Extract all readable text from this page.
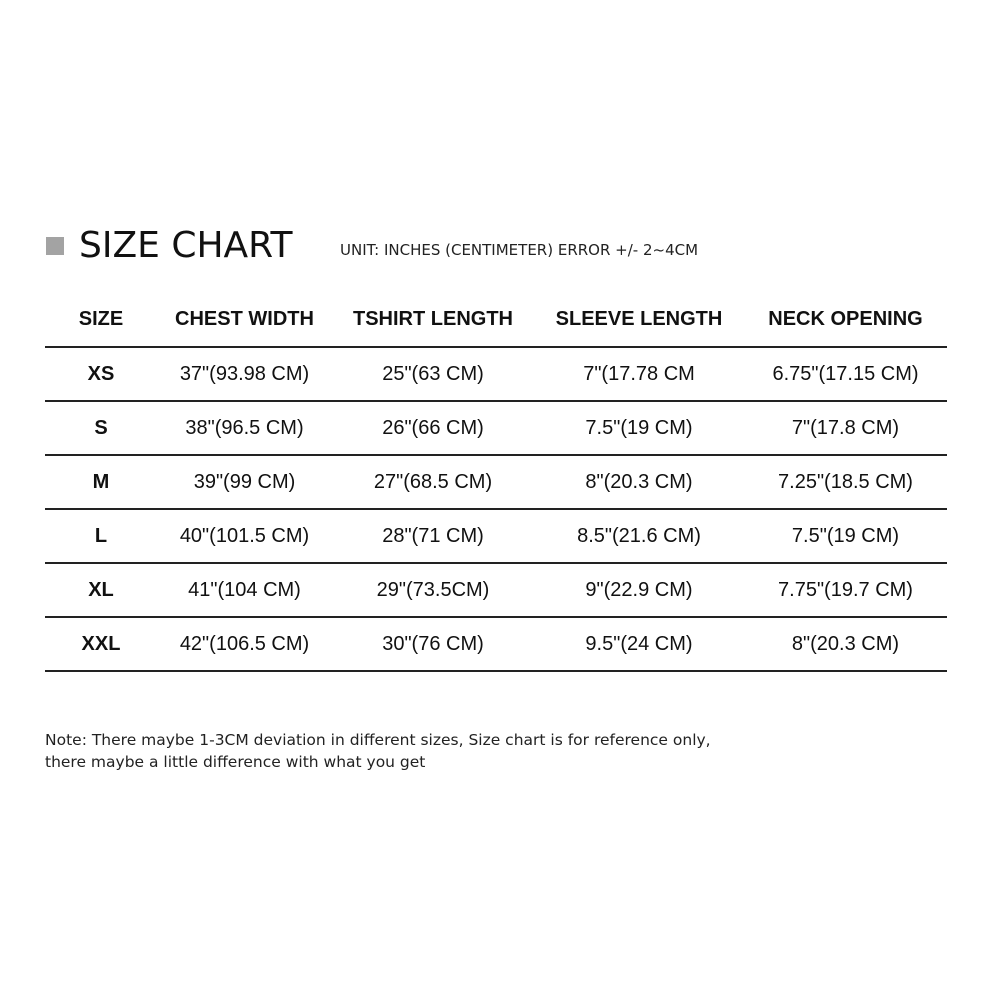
SIZE CHART	UNIT: INCHES (CENTIMETER) ERROR +/- 2~4CM
SIZE	CHEST WIDTH	TSHIRT LENGTH	SLEEVE LENGTH	NECK OPENING
XS	37"(93.98 CM)	25"(63 CM)	7"(17.78 CM	6.75"(17.15 CM)
S	38"(96.5 CM)	26"(66 CM)	7.5"(19 CM)	7"(17.8 CM)
M	39"(99 CM)	27"(68.5 CM)	8"(20.3 CM)	7.25"(18.5 CM)
L	40"(101.5 CM)	28"(71 CM)	8.5"(21.6 CM)	7.5"(19 CM)
XL	41"(104 CM)	29"(73.5CM)	9"(22.9 CM)	7.75"(19.7 CM)
XXL	42"(106.5 CM)	30"(76 CM)	9.5"(24 CM)	8"(20.3 CM)
Note: There maybe 1-3CM deviation in different sizes, Size chart is for reference only,
there maybe a little difference with what you get
